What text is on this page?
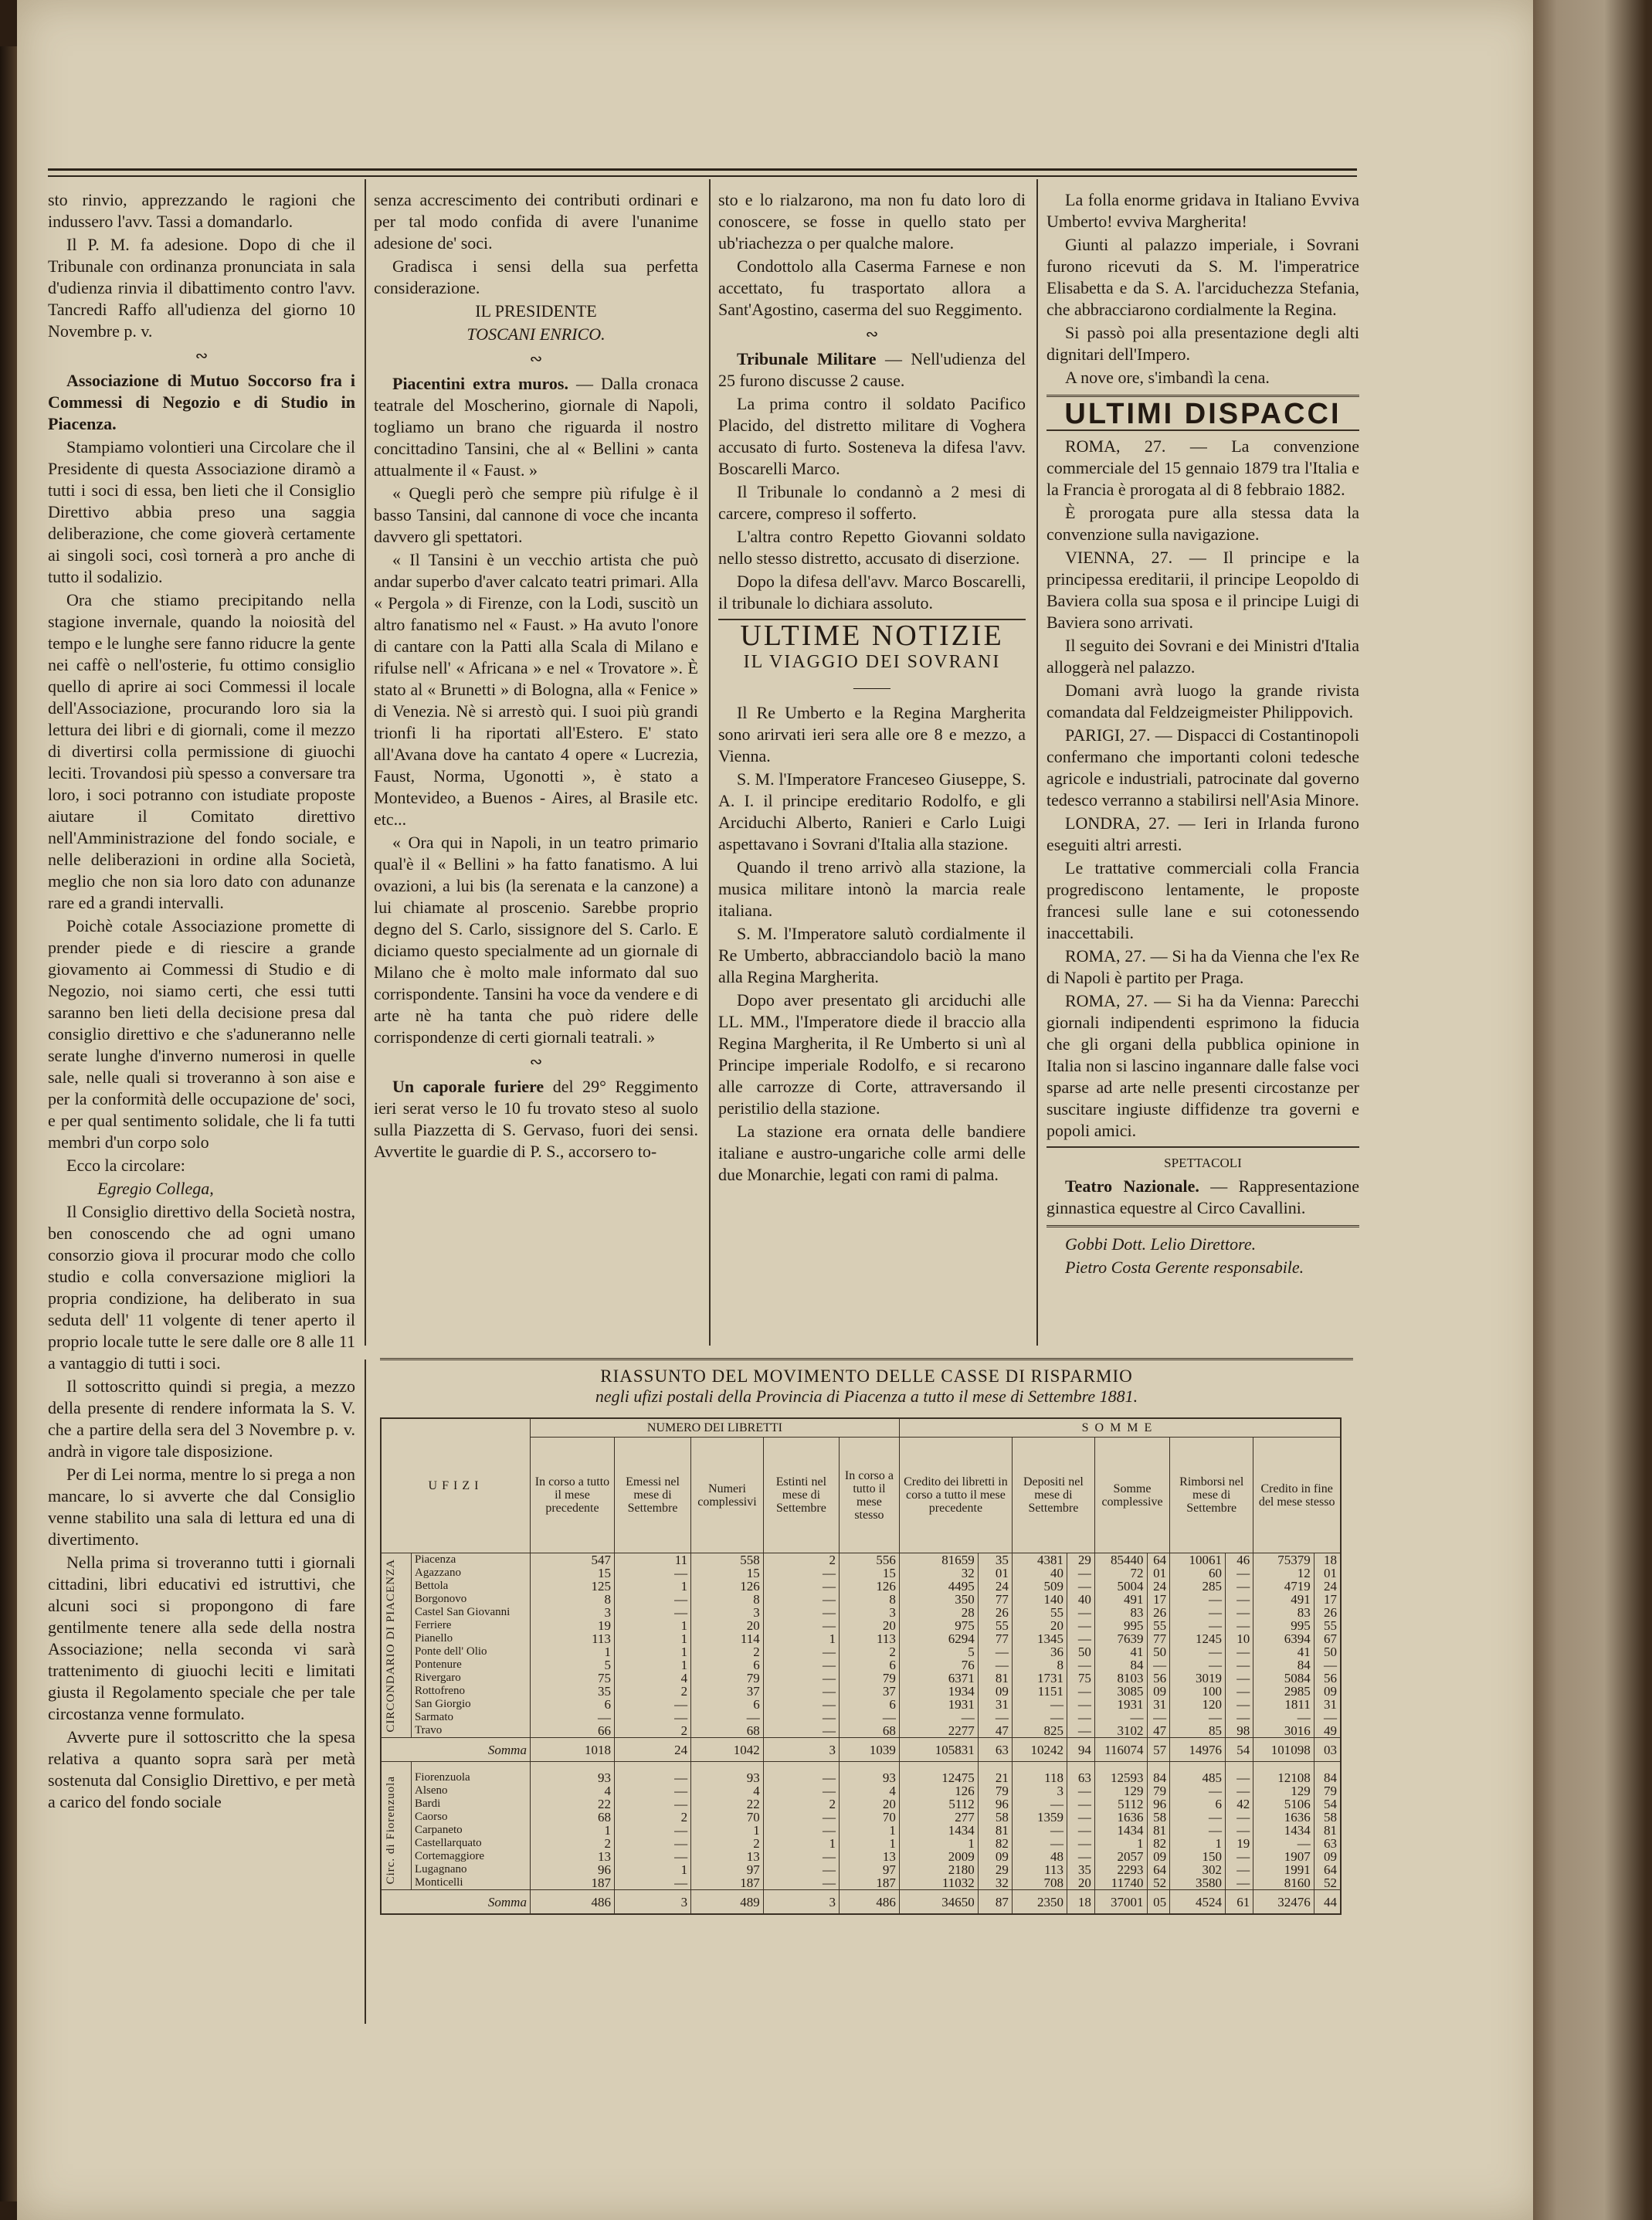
sto rinvio, apprezzando le ragioni che indussero l'avv. Tassi a domandarlo.

Il P. M. fa adesione. Dopo di che il Tribunale con ordinanza pronunciata in sala d'udienza rinvia il dibattimento contro l'avv. Tancredi Raffo all'udienza del giorno 10 Novembre p. v.

∾

Associazione di Mutuo Soccorso fra i Commessi di Negozio e di Studio in Piacenza.

Stampiamo volontieri una Circolare che il Presidente di questa Associazione diramò a tutti i soci di essa, ben lieti che il Consiglio Direttivo abbia preso una saggia deliberazione, che come gioverà certamente ai singoli soci, così tornerà a pro anche di tutto il sodalizio.

Ora che stiamo precipitando nella stagione invernale, quando la noiosità del tempo e le lunghe sere fanno riducre la gente nei caffè o nell'osterie, fu ottimo consiglio quello di aprire ai soci Commessi il locale dell'Associazione, procurando loro sia la lettura dei libri e di giornali, come il mezzo di divertirsi colla permissione di giuochi leciti. Trovandosi più spesso a conversare tra loro, i soci potranno con istudiate proposte aiutare il Comitato direttivo nell'Amministrazione del fondo sociale, e nelle deliberazioni in ordine alla Società, meglio che non sia loro dato con adunanze rare ed a grandi intervalli.

Poichè cotale Associazione promette di prender piede e di riescire a grande giovamento ai Commessi di Studio e di Negozio, noi siamo certi, che essi tutti saranno ben lieti della decisione presa dal consiglio direttivo e che s'aduneranno nelle serate lunghe d'inverno numerosi in quelle sale, nelle quali si troveranno à son aise e per la conformità delle occupazione de' soci, e per qual sentimento solidale, che li fa tutti membri d'un corpo solo

Ecco la circolare:

Egregio Collega,

Il Consiglio direttivo della Società nostra, ben conoscendo che ad ogni umano consorzio giova il procurar modo che collo studio e colla conversazione migliori la propria condizione, ha deliberato in sua seduta dell' 11 volgente di tener aperto il proprio locale tutte le sere dalle ore 8 alle 11 a vantaggio di tutti i soci.

Il sottoscritto quindi si pregia, a mezzo della presente di rendere informata la S. V. che a partire della sera del 3 Novembre p. v. andrà in vigore tale disposizione.

Per di Lei norma, mentre lo si prega a non mancare, lo si avverte che dal Consiglio venne stabilito una sala di lettura ed una di divertimento.

Nella prima si troveranno tutti i giornali cittadini, libri educativi ed istruttivi, che alcuni soci si propongono di fare gentilmente tenere alla sede della nostra Associazione; nella seconda vi sarà trattenimento di giuochi leciti e limitati giusta il Regolamento speciale che per tale circostanza venne formulato.

Avverte pure il sottoscritto che la spesa relativa a quanto sopra sarà per metà sostenuta dal Consiglio Direttivo, e per metà a carico del fondo sociale

senza accrescimento dei contributi ordinari e per tal modo confida di avere l'unanime adesione de' soci.

Gradisca i sensi della sua perfetta considerazione.

IL PRESIDENTE

TOSCANI ENRICO.

∾

Piacentini extra muros. — Dalla cronaca teatrale del Moscherino, giornale di Napoli, togliamo un brano che riguarda il nostro concittadino Tansini, che al « Bellini » canta attualmente il « Faust. »

« Quegli però che sempre più rifulge è il basso Tansini, dal cannone di voce che incanta davvero gli spettatori.

« Il Tansini è un vecchio artista che può andar superbo d'aver calcato teatri primari. Alla « Pergola » di Firenze, con la Lodi, suscitò un altro fanatismo nel « Faust. » Ha avuto l'onore di cantare con la Patti alla Scala di Milano e rifulse nell' « Africana » e nel « Trovatore ». È stato al « Brunetti » di Bologna, alla « Fenice » di Venezia. Nè si arrestò qui. I suoi più grandi trionfi li ha riportati all'Estero. E' stato all'Avana dove ha cantato 4 opere « Lucrezia, Faust, Norma, Ugonotti », è stato a Montevideo, a Buenos - Aires, al Brasile etc. etc...

« Ora qui in Napoli, in un teatro primario qual'è il « Bellini » ha fatto fanatismo. A lui ovazioni, a lui bis (la serenata e la canzone) a lui chiamate al proscenio. Sarebbe proprio degno del S. Carlo, sissignore del S. Carlo. E diciamo questo specialmente ad un giornale di Milano che è molto male informato dal suo corrispondente. Tansini ha voce da vendere e di arte nè ha tanta che può ridere delle corrispondenze di certi giornali teatrali. »

∾

Un caporale furiere del 29° Reggimento ieri serat verso le 10 fu trovato steso al suolo sulla Piazzetta di S. Gervaso, fuori dei sensi. Avvertite le guardie di P. S., accorsero to-

sto e lo rialzarono, ma non fu dato loro di conoscere, se fosse in quello stato per ub'riachezza o per qualche malore.

Condottolo alla Caserma Farnese e non accettato, fu trasportato allora a Sant'Agostino, caserma del suo Reggimento.

∾

Tribunale Militare — Nell'udienza del 25 furono discusse 2 cause.

La prima contro il soldato Pacifico Placido, del distretto militare di Voghera accusato di furto. Sosteneva la difesa l'avv. Boscarelli Marco.

Il Tribunale lo condannò a 2 mesi di carcere, compreso il sofferto.

L'altra contro Repetto Giovanni soldato nello stesso distretto, accusato di diserzione.

Dopo la difesa dell'avv. Marco Boscarelli, il tribunale lo dichiara assoluto.

ULTIME NOTIZIE
IL VIAGGIO DEI SOVRANI
⸻

Il Re Umberto e la Regina Margherita sono arirvati ieri sera alle ore 8 e mezzo, a Vienna.

S. M. l'Imperatore Franceseo Giuseppe, S. A. I. il principe ereditario Rodolfo, e gli Arciduchi Alberto, Ranieri e Carlo Luigi aspettavano i Sovrani d'Italia alla stazione.

Quando il treno arrivò alla stazione, la musica militare intonò la marcia reale italiana.

S. M. l'Imperatore salutò cordialmente il Re Umberto, abbracciandolo baciò la mano alla Regina Margherita.

Dopo aver presentato gli arciduchi alle LL. MM., l'Imperatore diede il braccio alla Regina Margherita, il Re Umberto si unì al Principe imperiale Rodolfo, e si recarono alle carrozze di Corte, attraversando il peristilio della stazione.

La stazione era ornata delle bandiere italiane e austro-ungariche colle armi delle due Monarchie, legati con rami di palma.

La folla enorme gridava in Italiano Evviva Umberto! evviva Margherita!

Giunti al palazzo imperiale, i Sovrani furono ricevuti da S. M. l'imperatrice Elisabetta e da S. A. l'arciduchezza Stefania, che abbracciarono cordialmente la Regina.

Si passò poi alla presentazione degli alti dignitari dell'Impero.

A nove ore, s'imbandì la cena.

ULTIMI DISPACCI

ROMA, 27. — La convenzione commerciale del 15 gennaio 1879 tra l'Italia e la Francia è prorogata al di 8 febbraio 1882.

È prorogata pure alla stessa data la convenzione sulla navigazione.

VIENNA, 27. — Il principe e la principessa ereditarii, il principe Leopoldo di Baviera colla sua sposa e il principe Luigi di Baviera sono arrivati.

Il seguito dei Sovrani e dei Ministri d'Italia alloggerà nel palazzo.

Domani avrà luogo la grande rivista comandata dal Feldzeigmeister Philippovich.

PARIGI, 27. — Dispacci di Costantinopoli confermano che importanti coloni tedesche agricole e industriali, patrocinate dal governo tedesco verranno a stabilirsi nell'Asia Minore.

LONDRA, 27. — Ieri in Irlanda furono eseguiti altri arresti.

Le trattative commerciali colla Francia progrediscono lentamente, le proposte francesi sulle lane e sui cotonessendo inaccettabili.

ROMA, 27. — Si ha da Vienna che l'ex Re di Napoli è partito per Praga.

ROMA, 27. — Si ha da Vienna: Parecchi giornali indipendenti esprimono la fiducia che gli organi della pubblica opinione in Italia non si lascino ingannare dalle false voci sparse ad arte nelle presenti circostanze per suscitare ingiuste diffidenze tra governi e popoli amici.

SPETTACOLI

Teatro Nazionale. — Rappresentazione ginnastica equestre al Circo Cavallini.

Gobbi Dott. Lelio Direttore.

Pietro Costa Gerente responsabile.

RIASSUNTO DEL MOVIMENTO DELLE CASSE DI RISPARMIO
negli ufizi postali della Provincia di Piacenza a tutto il mese di Settembre 1881.
UFIZI		NUMERO DEI LIBRETTI					SOMME									
		In corso a tutto il mese precedente	Emessi nel mese di Settembre	Numeri complessivi	Estinti nel mese di Settembre	In corso a tutto il mese stesso	Credito dei libretti in corso a tutto il mese precedente		Depositi nel mese di Settembre		Somme complessive		Rimborsi nel mese di Settembre		Credito in fine del mese stesso	

CIRCONDARIO DI PIACENZA	Piacenza	547	11	558	2	556	81659	35	4381	29	85440	64	10061	46	75379	18
	Agazzano	15	—	15	—	15	32	01	40	—	72	01	60	—	12	01
	Bettola	125	1	126	—	126	4495	24	509	—	5004	24	285	—	4719	24
	Borgonovo	8	—	8	—	8	350	77	140	40	491	17	—	—	491	17
	Castel San Giovanni	3	—	3	—	3	28	26	55	—	83	26	—	—	83	26
	Ferriere	19	1	20	—	20	975	55	20	—	995	55	—	—	995	55
	Pianello	113	1	114	1	113	6294	77	1345	—	7639	77	1245	10	6394	67
	Ponte dell' Olio	1	1	2	—	2	5	—	36	50	41	50	—	—	41	50
	Pontenure	5	1	6	—	6	76	—	8	—	84	—	—	—	84	—
	Rivergaro	75	4	79	—	79	6371	81	1731	75	8103	56	3019	—	5084	56
	Rottofreno	35	2	37	—	37	1934	09	1151	—	3085	09	100	—	2985	09
	San Giorgio	6	—	6	—	6	1931	31	—	—	1931	31	120	—	1811	31
	Sarmato	—	—	—	—	—	—	—	—	—	—	—	—	—	—	—
	Travo	66	2	68	—	68	2277	47	825	—	3102	47	85	98	3016	49
Somma		1018	24	1042	3	1039	105831	63	10242	94	116074	57	14976	54	101098	03

Circ. di Fiorenzuola	Fiorenzuola	93	—	93	—	93	12475	21	118	63	12593	84	485	—	12108	84
	Alseno	4	—	4	—	4	126	79	3	—	129	79	—	—	129	79
	Bardi	22	—	22	2	20	5112	96	—	—	5112	96	6	42	5106	54
	Caorso	68	2	70	—	70	277	58	1359	—	1636	58	—	—	1636	58
	Carpaneto	1	—	1	—	1	1434	81	—	—	1434	81	—	—	1434	81
	Castellarquato	2	—	2	1	1	1	82	—	—	1	82	1	19	—	63
	Cortemaggiore	13	—	13	—	13	2009	09	48	—	2057	09	150	—	1907	09
	Lugagnano	96	1	97	—	97	2180	29	113	35	2293	64	302	—	1991	64
	Monticelli	187	—	187	—	187	11032	32	708	20	11740	52	3580	—	8160	52
Somma		486	3	489	3	486	34650	87	2350	18	37001	05	4524	61	32476	44
